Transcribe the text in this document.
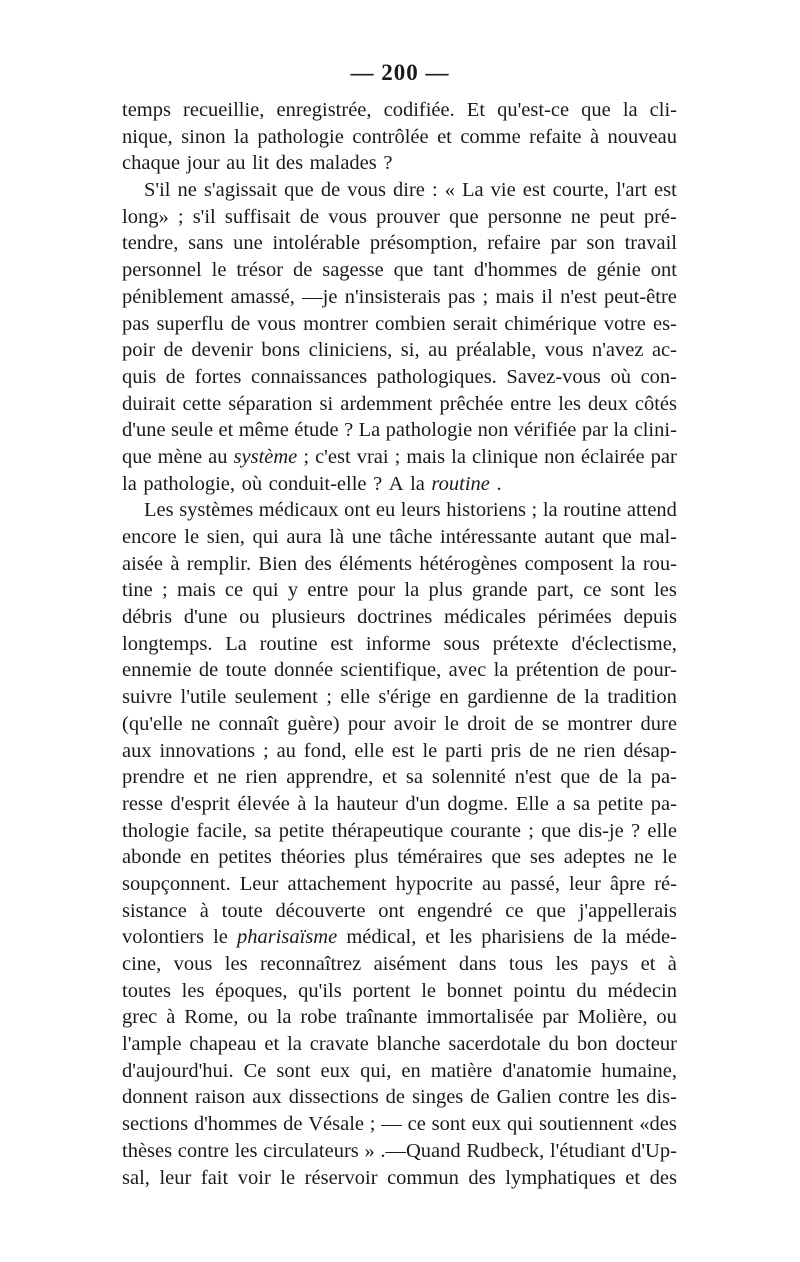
— 200 —
temps recueillie, enregistrée, codifiée. Et qu'est-ce que la cli-
nique, sinon la pathologie contrôlée et comme refaite à nouveau
chaque jour au lit des malades ?
S'il ne s'agissait que de vous dire : « La vie est courte, l'art est
long» ; s'il suffisait de vous prouver que personne ne peut pré-
tendre, sans une intolérable présomption, refaire par son travail
personnel le trésor de sagesse que tant d'hommes de génie ont
péniblement amassé, —je n'insisterais pas ; mais il n'est peut-être
pas superflu de vous montrer combien serait chimérique votre es-
poir de devenir bons cliniciens, si, au préalable, vous n'avez ac-
quis de fortes connaissances pathologiques. Savez-vous où con-
duirait cette séparation si ardemment prêchée entre les deux côtés
d'une seule et même étude ? La pathologie non vérifiée par la clini-
que mène au système ; c'est vrai ; mais la clinique non éclairée par
la pathologie, où conduit-elle ? A la routine .
Les systèmes médicaux ont eu leurs historiens ; la routine attend
encore le sien, qui aura là une tâche intéressante autant que mal-
aisée à remplir. Bien des éléments hétérogènes composent la rou-
tine ; mais ce qui y entre pour la plus grande part, ce sont les
débris d'une ou plusieurs doctrines médicales périmées depuis
longtemps. La routine est informe sous prétexte d'éclectisme,
ennemie de toute donnée scientifique, avec la prétention de pour-
suivre l'utile seulement ; elle s'érige en gardienne de la tradition
(qu'elle ne connaît guère) pour avoir le droit de se montrer dure
aux innovations ; au fond, elle est le parti pris de ne rien désap-
prendre et ne rien apprendre, et sa solennité n'est que de la pa-
resse d'esprit élevée à la hauteur d'un dogme. Elle a sa petite pa-
thologie facile, sa petite thérapeutique courante ; que dis-je ? elle
abonde en petites théories plus téméraires que ses adeptes ne le
soupçonnent. Leur attachement hypocrite au passé, leur âpre ré-
sistance à toute découverte ont engendré ce que j'appellerais
volontiers le pharisaïsme médical, et les pharisiens de la méde-
cine, vous les reconnaîtrez aisément dans tous les pays et à
toutes les époques, qu'ils portent le bonnet pointu du médecin
grec à Rome, ou la robe traînante immortalisée par Molière, ou
l'ample chapeau et la cravate blanche sacerdotale du bon docteur
d'aujourd'hui. Ce sont eux qui, en matière d'anatomie humaine,
donnent raison aux dissections de singes de Galien contre les dis-
sections d'hommes de Vésale ; — ce sont eux qui soutiennent «des
thèses contre les circulateurs » .—Quand Rudbeck, l'étudiant d'Up-
sal, leur fait voir le réservoir commun des lymphatiques et des
